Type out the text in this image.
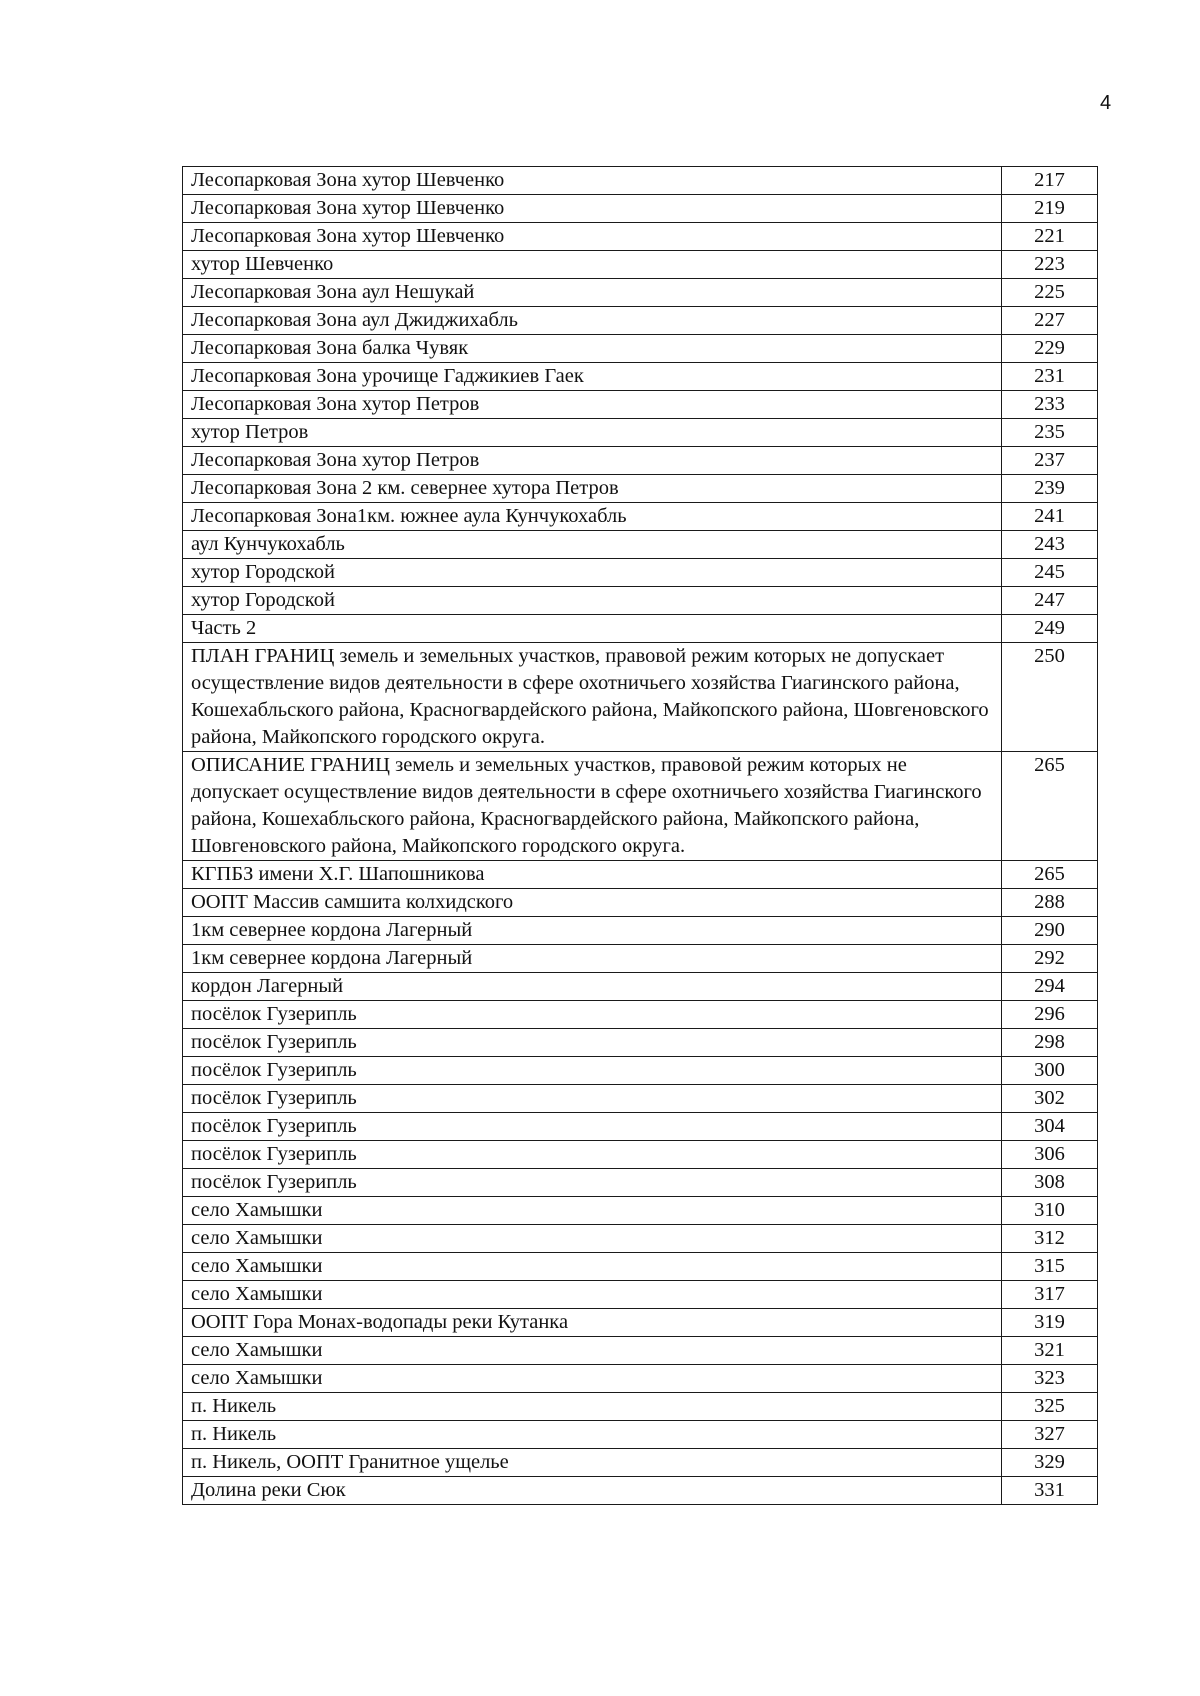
4
Лесопарковая Зона хутор Шевченко	217
Лесопарковая Зона хутор Шевченко	219
Лесопарковая Зона хутор Шевченко	221
хутор Шевченко	223
Лесопарковая Зона аул Нешукай	225
Лесопарковая Зона аул Джиджихабль	227
Лесопарковая Зона балка Чувяк	229
Лесопарковая Зона урочище Гаджикиев Гаек	231
Лесопарковая Зона хутор Петров	233
хутор Петров	235
Лесопарковая Зона хутор Петров	237
Лесопарковая Зона 2 км. севернее хутора Петров	239
Лесопарковая Зона1км. южнее аула Кунчукохабль	241
аул Кунчукохабль	243
хутор Городской	245
хутор Городской	247
Часть 2	249
ПЛАН ГРАНИЦ земель и земельных участков, правовой режим которых не допускает осуществление видов деятельности в сфере охотничьего хозяйства Гиагинского района, Кошехабльского района, Красногвардейского района, Майкопского района, Шовгеновского района, Майкопского городского округа.	250
ОПИСАНИЕ ГРАНИЦ земель и земельных участков, правовой режим которых не допускает осуществление видов деятельности в сфере охотничьего хозяйства Гиагинского района, Кошехабльского района, Красногвардейского района, Майкопского района, Шовгеновского района, Майкопского городского округа.	265
КГПБЗ имени Х.Г. Шапошникова	265
ООПТ Массив самшита колхидского	288
1км севернее кордона Лагерный	290
1км севернее кордона Лагерный	292
кордон Лагерный	294
посёлок Гузерипль	296
посёлок Гузерипль	298
посёлок Гузерипль	300
посёлок Гузерипль	302
посёлок Гузерипль	304
посёлок Гузерипль	306
посёлок Гузерипль	308
село Хамышки	310
село Хамышки	312
село Хамышки	315
село Хамышки	317
ООПТ Гора Монах-водопады реки Кутанка	319
село Хамышки	321
село Хамышки	323
п. Никель	325
п. Никель	327
п. Никель, ООПТ Гранитное ущелье	329
Долина реки Сюк	331
